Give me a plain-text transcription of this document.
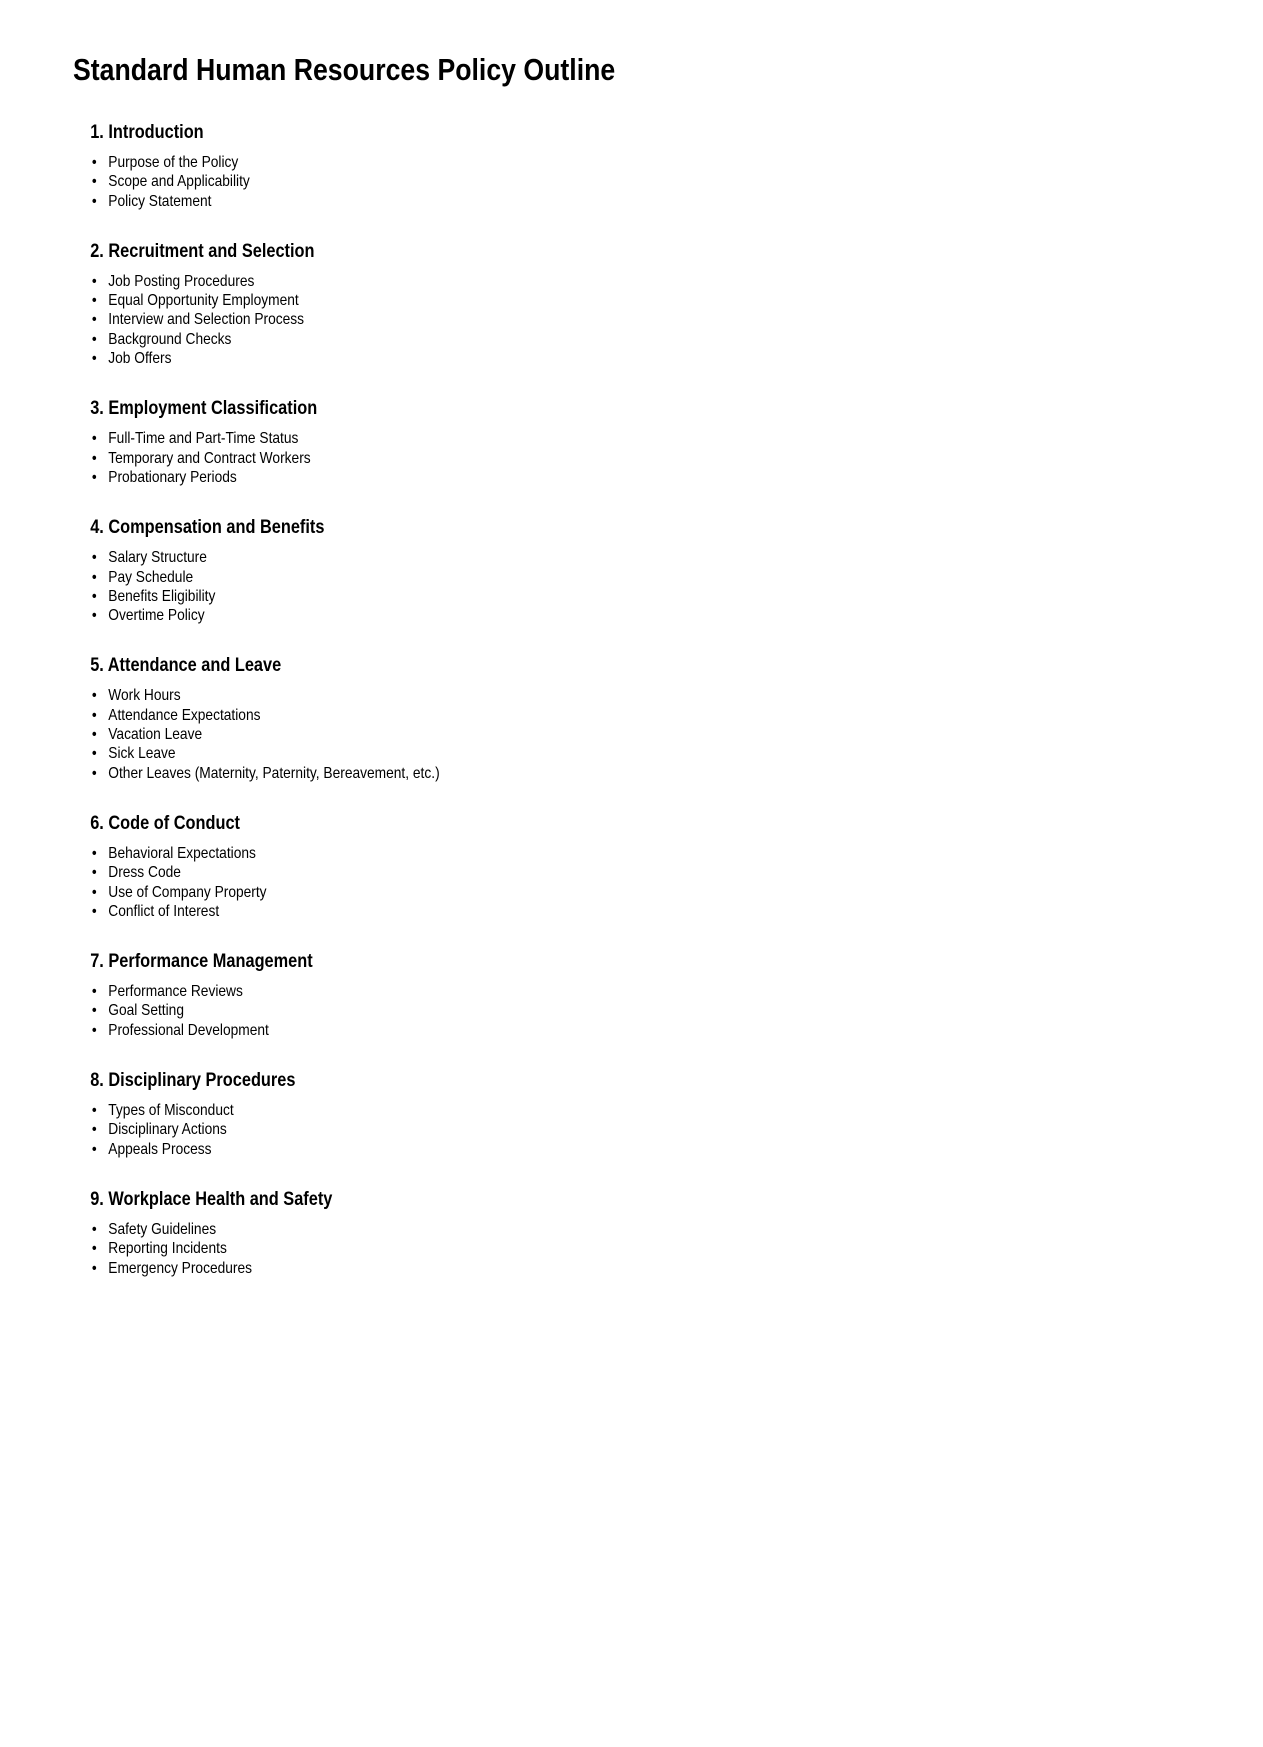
Standard Human Resources Policy Outline
1. Introduction
• Purpose of the Policy
• Scope and Applicability
• Policy Statement
2. Recruitment and Selection
• Job Posting Procedures
• Equal Opportunity Employment
• Interview and Selection Process
• Background Checks
• Job Offers
3. Employment Classification
• Full-Time and Part-Time Status
• Temporary and Contract Workers
• Probationary Periods
4. Compensation and Benefits
• Salary Structure
• Pay Schedule
• Benefits Eligibility
• Overtime Policy
5. Attendance and Leave
• Work Hours
• Attendance Expectations
• Vacation Leave
• Sick Leave
• Other Leaves (Maternity, Paternity, Bereavement, etc.)
6. Code of Conduct
• Behavioral Expectations
• Dress Code
• Use of Company Property
• Conflict of Interest
7. Performance Management
• Performance Reviews
• Goal Setting
• Professional Development
8. Disciplinary Procedures
• Types of Misconduct
• Disciplinary Actions
• Appeals Process
9. Workplace Health and Safety
• Safety Guidelines
• Reporting Incidents
• Emergency Procedures
